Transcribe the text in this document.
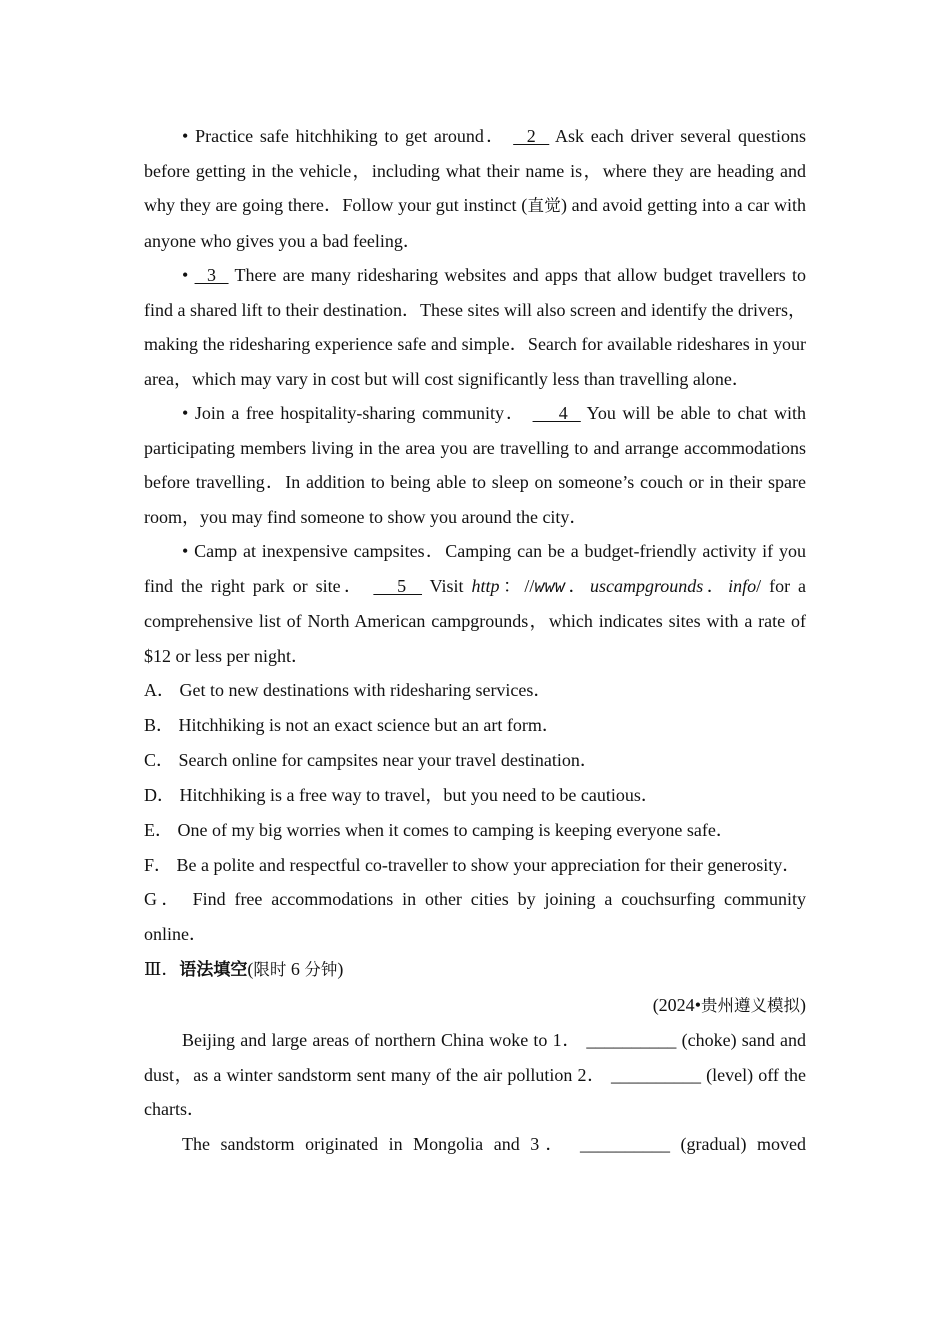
• Practice safe hitchhiking to get around．   2   Ask each driver several questions before getting in the vehicle，including what their name is，where they are heading and why they are going there．Follow your gut instinct (直觉) and avoid getting into a car with anyone who gives you a bad feeling．

•   3   There are many ridesharing websites and apps that allow budget travellers to find a shared lift to their destination．These sites will also screen and identify the drivers，making the ridesharing experience safe and simple．Search for available rideshares in your area，which may vary in cost but will cost significantly less than travelling alone．

• Join a free hospitality-sharing community．     4   You will be able to chat with participating members living in the area you are travelling to and arrange accommodations before travelling．In addition to being able to sleep on someone’s couch or in their spare room，you may find someone to show you around the city．

• Camp at inexpensive campsites．Camping can be a budget-friendly activity if you find the right park or site．    5   Visit http：//www．uscampgrounds．info/ for a comprehensive list of North American campgrounds，which indicates sites with a rate of $12 or less per night．

A． Get to new destinations with ridesharing services．

B． Hitchhiking is not an exact science but an art form．

C． Search online for campsites near your travel destination．

D． Hitchhiking is a free way to travel，but you need to be cautious．

E． One of my big worries when it comes to camping is keeping everyone safe．

F． Be a polite and respectful co-traveller to show your appreciation for their generosity．

G． Find free accommodations in other cities by joining a couchsurfing community online．

Ⅲ．语法填空(限时 6 分钟)

(2024•贵州遵义模拟)

Beijing and large areas of northern China woke to 1． __________ (choke) sand and dust，as a winter sandstorm sent many of the air pollution 2． __________ (level) off the charts．

The sandstorm originated in Mongolia and 3． __________ (gradual) moved
